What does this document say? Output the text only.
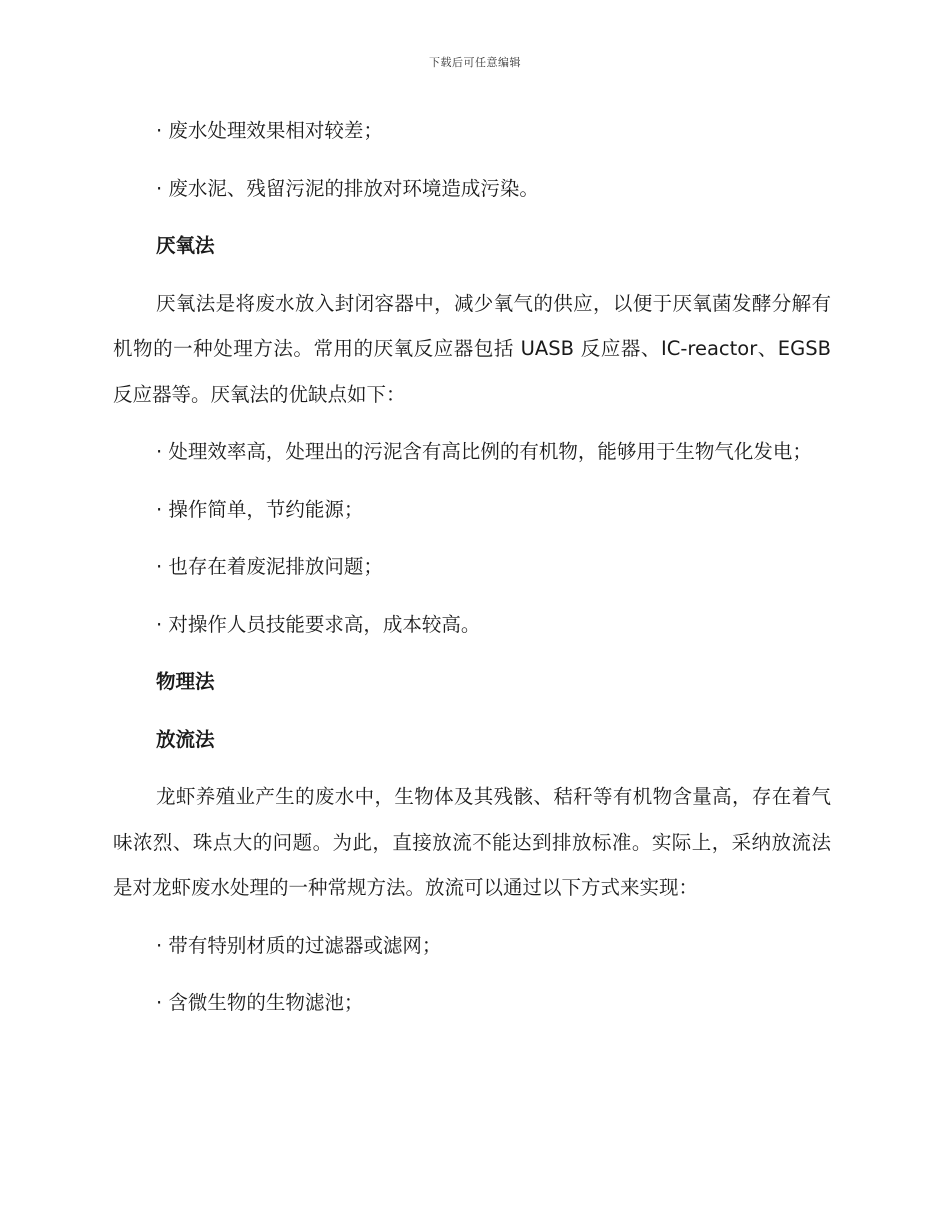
下载后可任意编辑

· 废水处理效果相对较差；

· 废水泥、残留污泥的排放对环境造成污染。

厌氧法

厌氧法是将废水放入封闭容器中，减少氧气的供应，以便于厌氧菌发酵分解有机物的一种处理方法。常用的厌氧反应器包括 UASB 反应器、IC-reactor、EGSB 反应器等。厌氧法的优缺点如下：

· 处理效率高，处理出的污泥含有高比例的有机物，能够用于生物气化发电；

· 操作简单，节约能源；

· 也存在着废泥排放问题；

· 对操作人员技能要求高，成本较高。

物理法

放流法

龙虾养殖业产生的废水中，生物体及其残骸、秸秆等有机物含量高，存在着气味浓烈、珠点大的问题。为此，直接放流不能达到排放标准。实际上，采纳放流法是对龙虾废水处理的一种常规方法。放流可以通过以下方式来实现：

· 带有特别材质的过滤器或滤网；

· 含微生物的生物滤池；
